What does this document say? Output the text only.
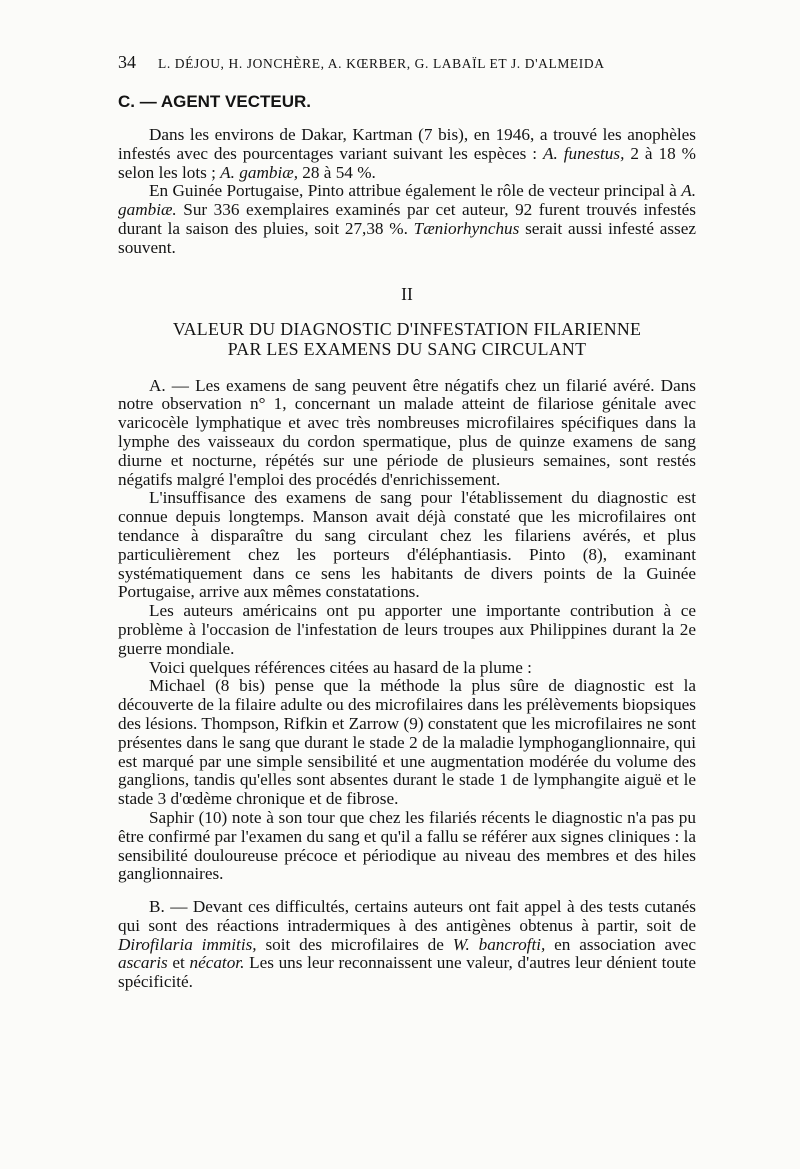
34 L. DÉJOU, H. JONCHÈRE, A. KŒRBER, G. LABAÏL ET J. D'ALMEIDA
C. — AGENT VECTEUR.

Dans les environs de Dakar, Kartman (7 bis), en 1946, a trouvé les anophèles infestés avec des pourcentages variant suivant les espèces : A. funestus, 2 à 18 % selon les lots ; A. gambiæ, 28 à 54 %.

En Guinée Portugaise, Pinto attribue également le rôle de vecteur principal à A. gambiæ. Sur 336 exemplaires examinés par cet auteur, 92 furent trouvés infestés durant la saison des pluies, soit 27,38 %. Tæniorhynchus serait aussi infesté assez souvent.

II
VALEUR DU DIAGNOSTIC D'INFESTATION FILARIENNE
PAR LES EXAMENS DU SANG CIRCULANT

A. — Les examens de sang peuvent être négatifs chez un filarié avéré. Dans notre observation n° 1, concernant un malade atteint de filariose génitale avec varicocèle lymphatique et avec très nombreuses microfilaires spécifiques dans la lymphe des vaisseaux du cordon spermatique, plus de quinze examens de sang diurne et nocturne, répétés sur une période de plusieurs semaines, sont restés négatifs malgré l'emploi des procédés d'enrichissement.

L'insuffisance des examens de sang pour l'établissement du diagnostic est connue depuis longtemps. Manson avait déjà constaté que les microfilaires ont tendance à disparaître du sang circulant chez les filariens avérés, et plus particulièrement chez les porteurs d'éléphantiasis. Pinto (8), examinant systématiquement dans ce sens les habitants de divers points de la Guinée Portugaise, arrive aux mêmes constatations.

Les auteurs américains ont pu apporter une importante contribution à ce problème à l'occasion de l'infestation de leurs troupes aux Philippines durant la 2e guerre mondiale.

Voici quelques références citées au hasard de la plume :

Michael (8 bis) pense que la méthode la plus sûre de diagnostic est la découverte de la filaire adulte ou des microfilaires dans les prélèvements biopsiques des lésions. Thompson, Rifkin et Zarrow (9) constatent que les microfilaires ne sont présentes dans le sang que durant le stade 2 de la maladie lymphoganglionnaire, qui est marqué par une simple sensibilité et une augmentation modérée du volume des ganglions, tandis qu'elles sont absentes durant le stade 1 de lymphangite aiguë et le stade 3 d'œdème chronique et de fibrose.

Saphir (10) note à son tour que chez les filariés récents le diagnostic n'a pas pu être confirmé par l'examen du sang et qu'il a fallu se référer aux signes cliniques : la sensibilité douloureuse précoce et périodique au niveau des membres et des hiles ganglionnaires.

B. — Devant ces difficultés, certains auteurs ont fait appel à des tests cutanés qui sont des réactions intradermiques à des antigènes obtenus à partir, soit de Dirofilaria immitis, soit des microfilaires de W. bancrofti, en association avec ascaris et nécator. Les uns leur reconnaissent une valeur, d'autres leur dénient toute spécificité.
